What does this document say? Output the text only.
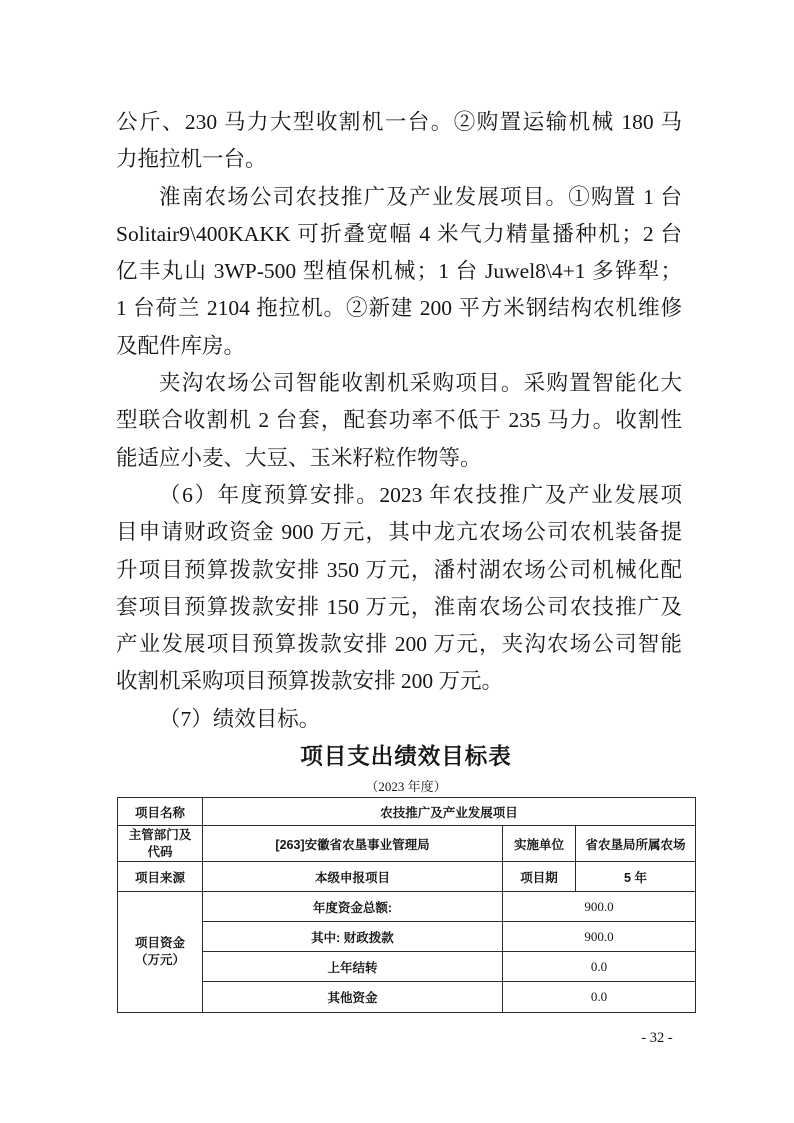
公斤、230 马力大型收割机一台。②购置运输机械 180 马
力拖拉机一台。
淮南农场公司农技推广及产业发展项目。①购置 1 台
Solitair9\400KAKK 可折叠宽幅 4 米气力精量播种机；2 台
亿丰丸山 3WP-500 型植保机械；1 台 Juwel8\4+1 多铧犁；
1 台荷兰 2104 拖拉机。②新建 200 平方米钢结构农机维修
及配件库房。
夹沟农场公司智能收割机采购项目。采购置智能化大
型联合收割机 2 台套，配套功率不低于 235 马力。收割性
能适应小麦、大豆、玉米籽粒作物等。
（6）年度预算安排。2023 年农技推广及产业发展项
目申请财政资金 900 万元，其中龙亢农场公司农机装备提
升项目预算拨款安排 350 万元，潘村湖农场公司机械化配
套项目预算拨款安排 150 万元，淮南农场公司农技推广及
产业发展项目预算拨款安排 200 万元，夹沟农场公司智能
收割机采购项目预算拨款安排 200 万元。
（7）绩效目标。
项目支出绩效目标表
（2023 年度）
项目名称	农技推广及产业发展项目		
主管部门及
代码	[263]安徽省农垦事业管理局	实施单位	省农垦局所属农场
项目来源	本级申报项目	项目期	5 年
项目资金
（万元）	年度资金总额:	900.0	
	其中: 财政拨款	900.0	
	上年结转	0.0	
	其他资金	0.0	
- 32 -
